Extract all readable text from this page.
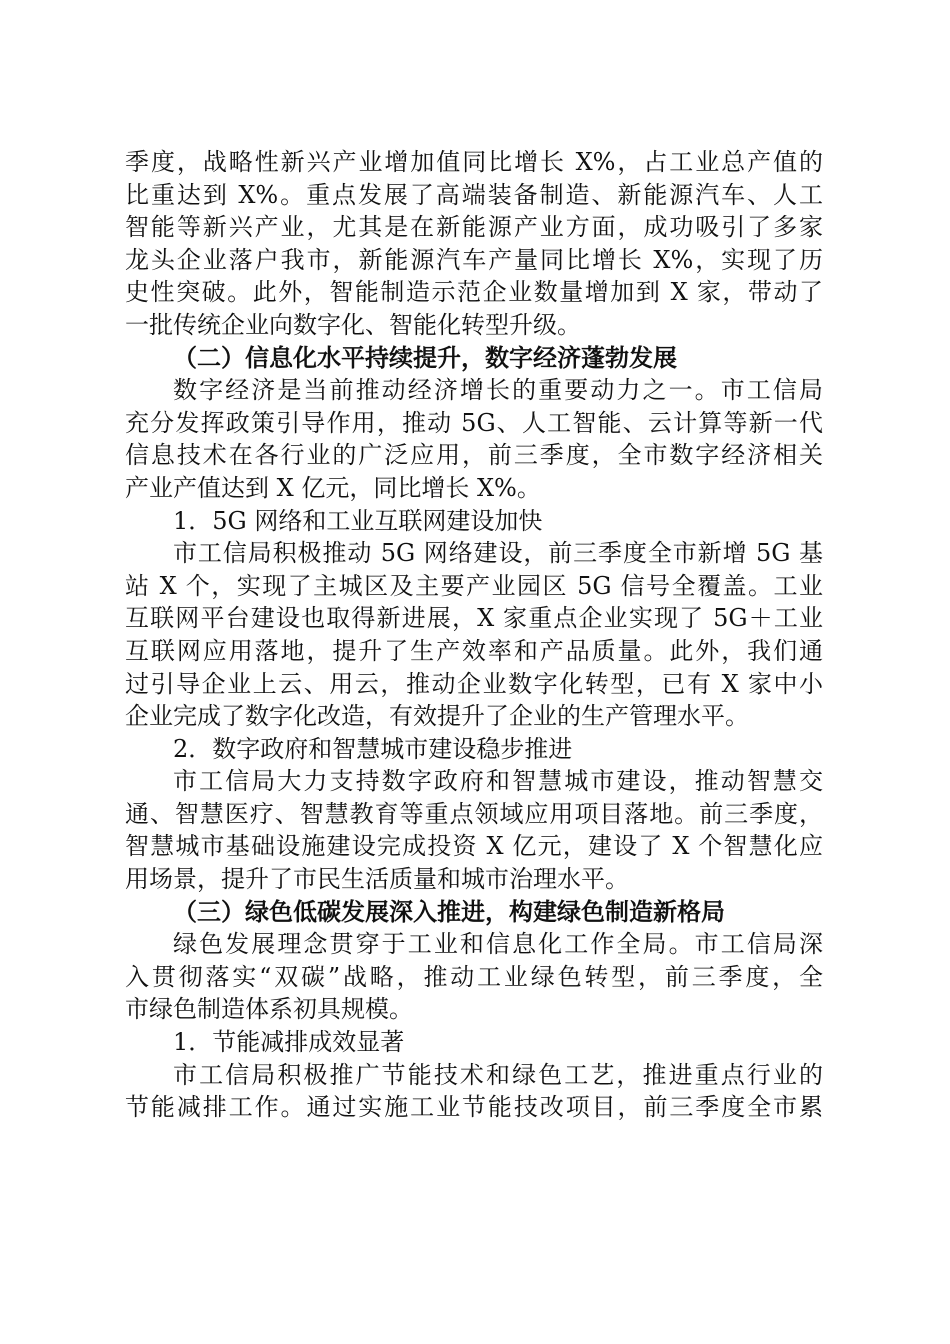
季度，战略性新兴产业增加值同比增长 X%，占工业总产值的
比重达到 X%。重点发展了高端装备制造、新能源汽车、人工
智能等新兴产业，尤其是在新能源产业方面，成功吸引了多家
龙头企业落户我市，新能源汽车产量同比增长 X%，实现了历
史性突破。此外，智能制造示范企业数量增加到 X 家，带动了
一批传统企业向数字化、智能化转型升级。
（二）信息化水平持续提升，数字经济蓬勃发展
数字经济是当前推动经济增长的重要动力之一。市工信局
充分发挥政策引导作用，推动 5G、人工智能、云计算等新一代
信息技术在各行业的广泛应用，前三季度，全市数字经济相关
产业产值达到 X 亿元，同比增长 X%。
1．5G 网络和工业互联网建设加快
市工信局积极推动 5G 网络建设，前三季度全市新增 5G 基
站 X 个，实现了主城区及主要产业园区 5G 信号全覆盖。工业
互联网平台建设也取得新进展，X 家重点企业实现了 5G＋工业
互联网应用落地，提升了生产效率和产品质量。此外，我们通
过引导企业上云、用云，推动企业数字化转型，已有 X 家中小
企业完成了数字化改造，有效提升了企业的生产管理水平。
2．数字政府和智慧城市建设稳步推进
市工信局大力支持数字政府和智慧城市建设，推动智慧交
通、智慧医疗、智慧教育等重点领域应用项目落地。前三季度，
智慧城市基础设施建设完成投资 X 亿元，建设了 X 个智慧化应
用场景，提升了市民生活质量和城市治理水平。
（三）绿色低碳发展深入推进，构建绿色制造新格局
绿色发展理念贯穿于工业和信息化工作全局。市工信局深
入贯彻落实“双碳”战略，推动工业绿色转型，前三季度，全
市绿色制造体系初具规模。
1．节能减排成效显著
市工信局积极推广节能技术和绿色工艺，推进重点行业的
节能减排工作。通过实施工业节能技改项目，前三季度全市累
